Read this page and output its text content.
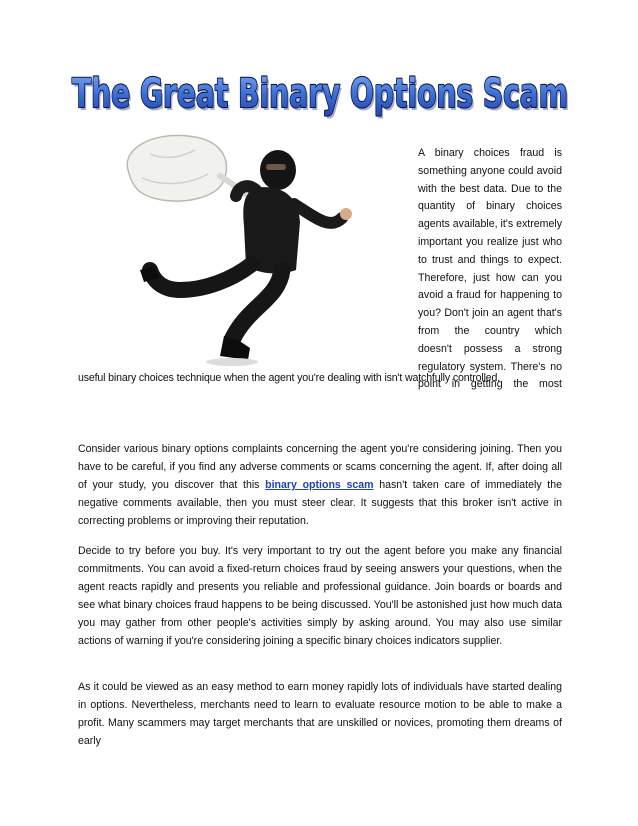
The Great Binary Options Scam
The Great Binary Options Scam
A binary choices fraud is
something anyone could avoid
with the best data. Due to the
quantity of binary choices
agents available, it's extremely
important you realize just who
to trust and things to expect.
Therefore, just how can you
avoid a fraud for happening to
you? Don't join an agent that's
from the country which
doesn't possess a strong
regulatory system. There's no
point in getting the most
useful binary choices technique when the agent you're dealing with isn't watchfully controlled.

Consider various binary options complaints concerning the agent you're considering joining. Then you have to be careful, if you find any adverse comments or scams concerning the agent. If, after doing all of your study, you discover that this binary options scam hasn't taken care of immediately the negative comments available, then you must steer clear. It suggests that this broker isn't active in correcting problems or improving their reputation.

Decide to try before you buy. It's very important to try out the agent before you make any financial commitments. You can avoid a fixed-return choices fraud by seeing answers your questions, when the agent reacts rapidly and presents you reliable and professional guidance. Join boards or boards and see what binary choices fraud happens to be being discussed. You'll be astonished just how much data you may gather from other people's activities simply by asking around. You may also use similar actions of warning if you're considering joining a specific binary choices indicators supplier.

As it could be viewed as an easy method to earn money rapidly lots of individuals have started dealing in options. Nevertheless, merchants need to learn to evaluate resource motion to be able to make a profit. Many scammers may target merchants that are unskilled or novices, promoting them dreams of early
